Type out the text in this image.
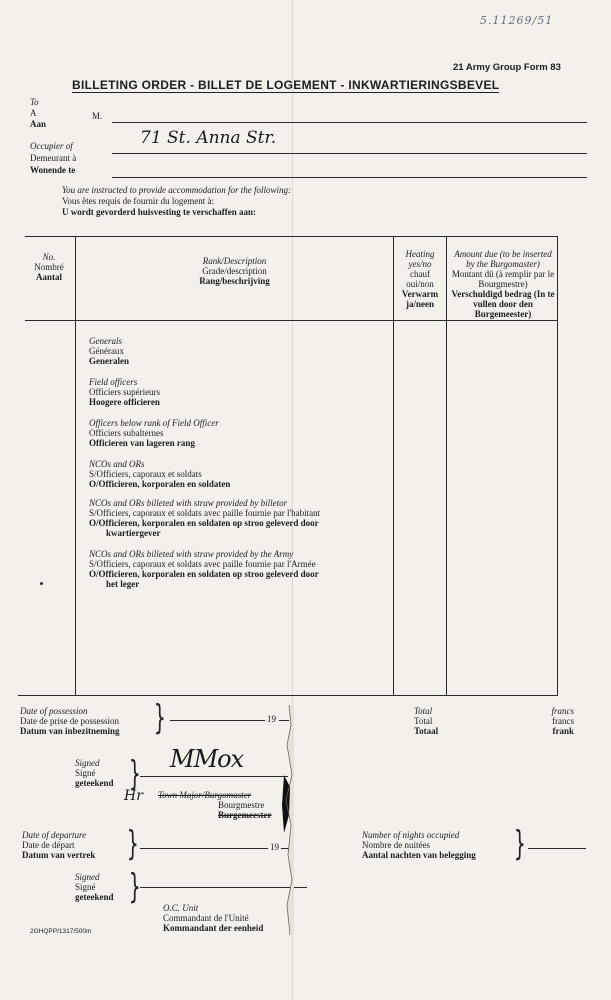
5.11269/51
21 Army Group Form 83
BILLETING ORDER - BILLET DE LOGEMENT - INKWARTIERINGSBEVEL
To
A
Aan
M.
Occupier of
Demeurant à
Wonende te
71 St. Anna Str.
You are instructed to provide accommodation for the following:
Vous êtes requis de fournir du logement à:
U wordt gevorderd huisvesting te verschaffen aan:
No.
Nombré
Aantal
Rank/Description
Grade/description
Rang/beschrijving
Heating
yes/no
chauf
oui/non
Verwarm
ja/neen
Amount due (to be inserted
by the Burgomaster)
Montant dû (à remplir par le
Bourgmestre)
Verschuldigd bedrag (In te
vullen door den
Burgemeester)
Generals
Généraux
Generalen
Field officers
Officiers supérieurs
Hoogere officieren
Officers below rank of Field Officer
Officiers subalternes
Officieren van lageren rang
NCOs and ORs
S/Officiers, caporaux et soldats
O/Officieren, korporalen en soldaten
NCOs and ORs billeted with straw provided by billetor
S/Officiers, caporaux et soldats avec paille fournie par l'habitant
O/Officieren, korporalen en soldaten op stroo geleverd door
kwartiergever
NCOs and ORs billeted with straw provided by the Army
S/Officiers, caporaux et soldats avec paille fournie par l'Armée
O/Officieren, korporalen en soldaten op stroo geleverd door
het leger
Date of possession
Date de prise de possession
Datum van inbezitneming }	19
Total
Total
Totaal
francs
francs
frank
Signed
Signé
geteekend } MMox
Hr Town Major/Burgomaster
Bourgmestre
Burgemeester
Date of departure
Date de départ
Datum van vertrek }	19
Number of nights occupied
Nombre de nuitées
Aantal nachten van belegging }
Signed
Signé
geteekend }
O.C. Unit
Commandant de l'Unité
Kommandant der eenheid
2GHQPP/1317/500m
